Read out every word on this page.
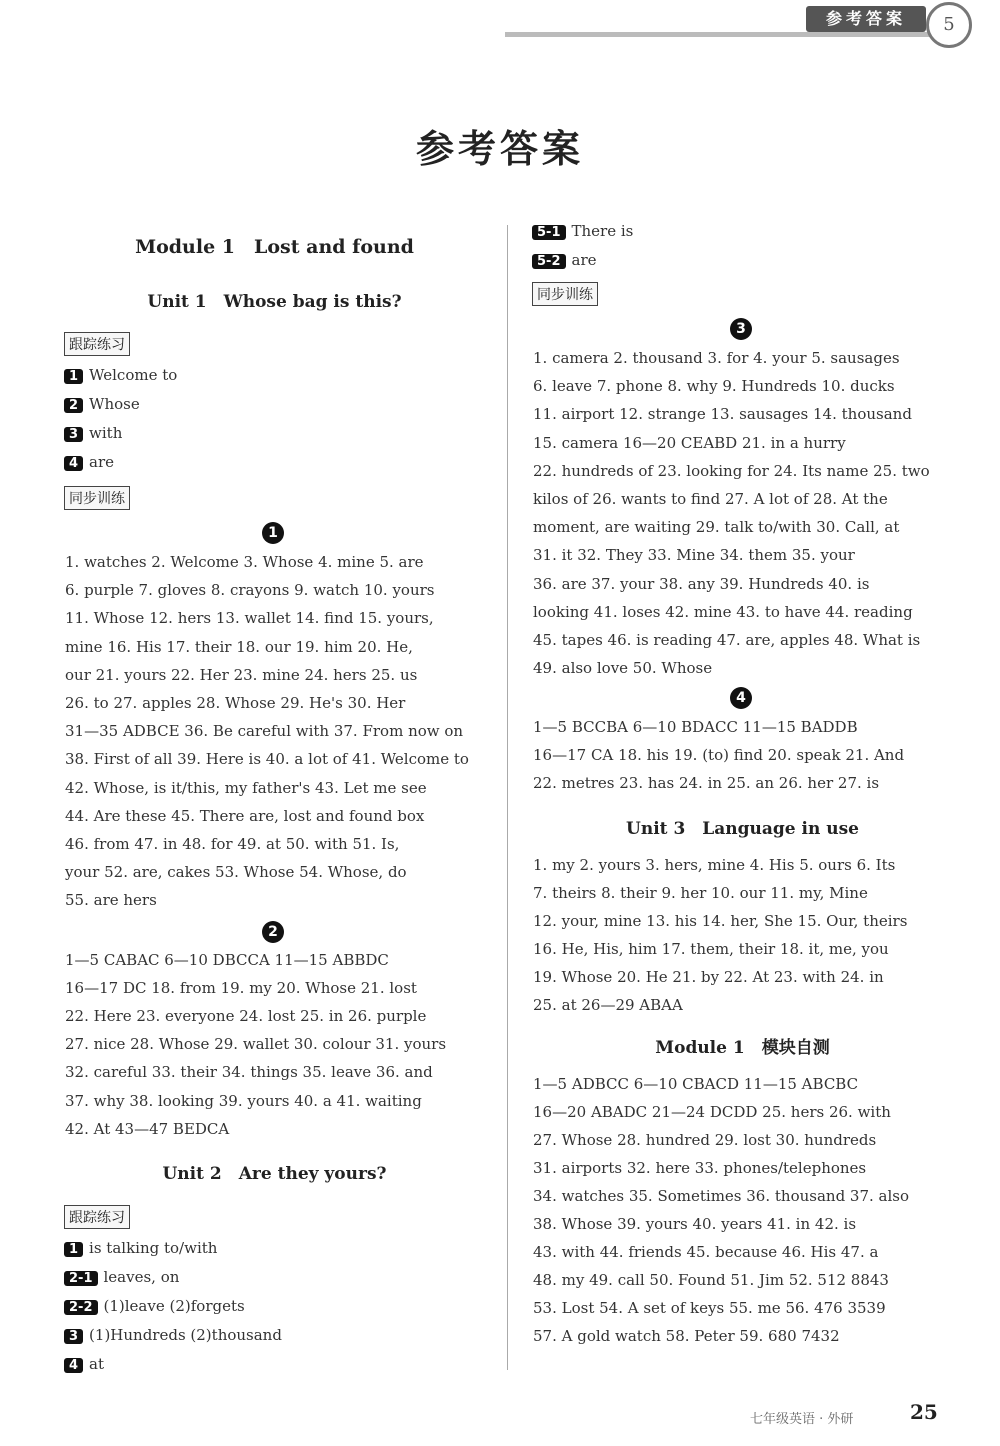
参考答案	5
参考答案
Module 1　Lost and found
Unit 1　Whose bag is this?
跟踪练习
1 Welcome to
2 Whose
3 with
4 are
同步训练
1
1. watches 2. Welcome 3. Whose 4. mine 5. are
6. purple 7. gloves 8. crayons 9. watch 10. yours
11. Whose 12. hers 13. wallet 14. find 15. yours,
mine 16. His 17. their 18. our 19. him 20. He,
our 21. yours 22. Her 23. mine 24. hers 25. us
26. to 27. apples 28. Whose 29. He's 30. Her
31—35 ADBCE 36. Be careful with 37. From now on
38. First of all 39. Here is 40. a lot of 41. Welcome to
42. Whose, is it/this, my father's 43. Let me see
44. Are these 45. There are, lost and found box
46. from 47. in 48. for 49. at 50. with 51. Is,
your 52. are, cakes 53. Whose 54. Whose, do
55. are hers
2
1—5 CABAC 6—10 DBCCA 11—15 ABBDC
16—17 DC 18. from 19. my 20. Whose 21. lost
22. Here 23. everyone 24. lost 25. in 26. purple
27. nice 28. Whose 29. wallet 30. colour 31. yours
32. careful 33. their 34. things 35. leave 36. and
37. why 38. looking 39. yours 40. a 41. waiting
42. At 43—47 BEDCA
Unit 2　Are they yours?
跟踪练习
1 is talking to/with
2-1 leaves, on
2-2 (1)leave (2)forgets
3 (1)Hundreds (2)thousand
4 at
5-1 There is
5-2 are
同步训练
3
1. camera 2. thousand 3. for 4. your 5. sausages
6. leave 7. phone 8. why 9. Hundreds 10. ducks
11. airport 12. strange 13. sausages 14. thousand
15. camera 16—20 CEABD 21. in a hurry
22. hundreds of 23. looking for 24. Its name 25. two
kilos of 26. wants to find 27. A lot of 28. At the
moment, are waiting 29. talk to/with 30. Call, at
31. it 32. They 33. Mine 34. them 35. your
36. are 37. your 38. any 39. Hundreds 40. is
looking 41. loses 42. mine 43. to have 44. reading
45. tapes 46. is reading 47. are, apples 48. What is
49. also love 50. Whose
4
1—5 BCCBA 6—10 BDACC 11—15 BADDB
16—17 CA 18. his 19. (to) find 20. speak 21. And
22. metres 23. has 24. in 25. an 26. her 27. is
Unit 3　Language in use
1. my 2. yours 3. hers, mine 4. His 5. ours 6. Its
7. theirs 8. their 9. her 10. our 11. my, Mine
12. your, mine 13. his 14. her, She 15. Our, theirs
16. He, His, him 17. them, their 18. it, me, you
19. Whose 20. He 21. by 22. At 23. with 24. in
25. at 26—29 ABAA
Module 1　模块自测
1—5 ADBCC 6—10 CBACD 11—15 ABCBC
16—20 ABADC 21—24 DCDD 25. hers 26. with
27. Whose 28. hundred 29. lost 30. hundreds
31. airports 32. here 33. phones/telephones
34. watches 35. Sometimes 36. thousand 37. also
38. Whose 39. yours 40. years 41. in 42. is
43. with 44. friends 45. because 46. His 47. a
48. my 49. call 50. Found 51. Jim 52. 512 8843
53. Lost 54. A set of keys 55. me 56. 476 3539
57. A gold watch 58. Peter 59. 680 7432
七年级英语 · 外研	25
